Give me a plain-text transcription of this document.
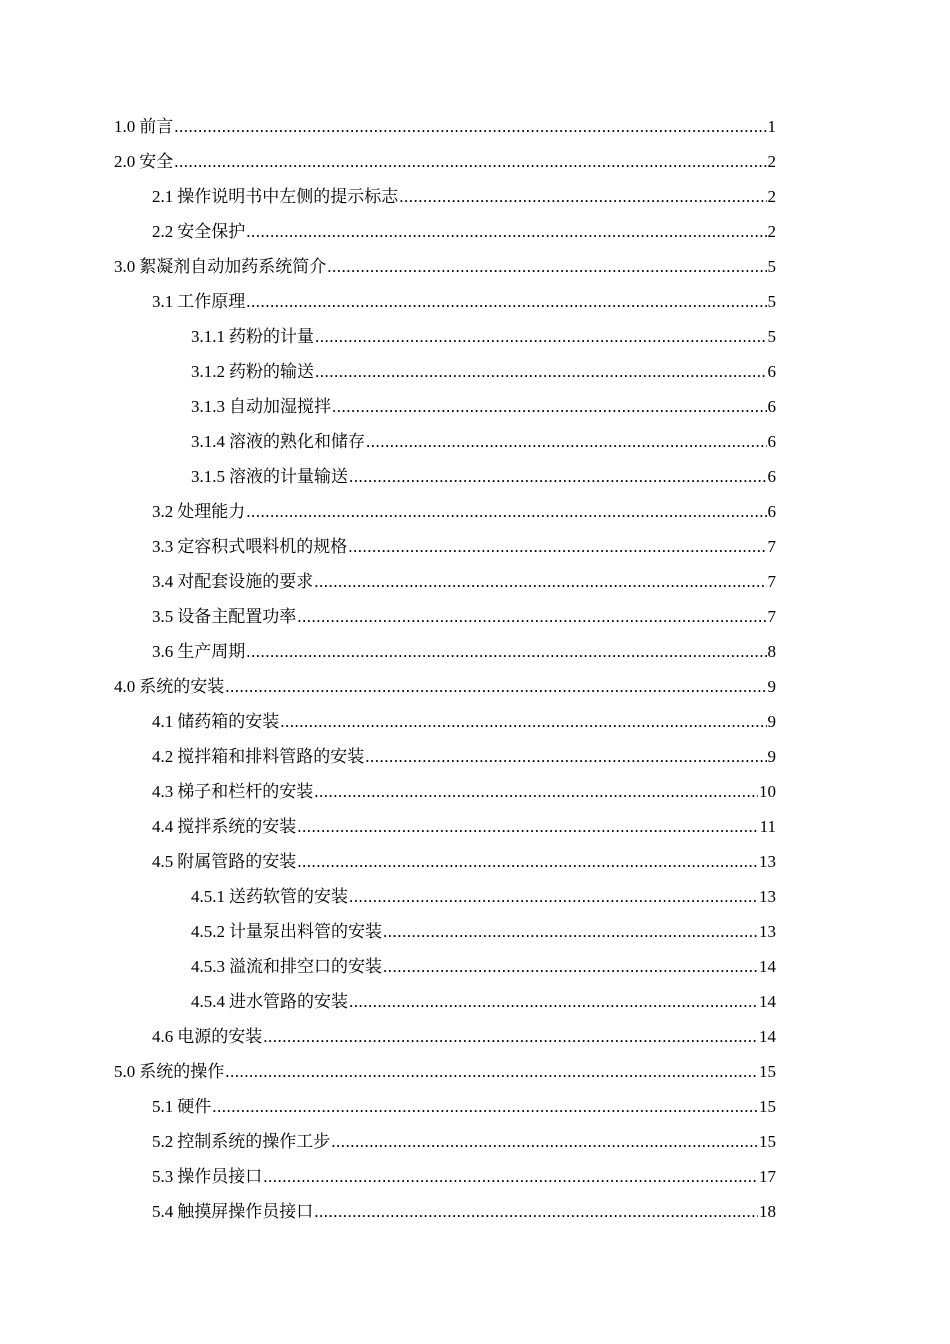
1.0 前言 .....	1
2.0 安全 .....	2
2.1 操作说明书中左侧的提示标志 .....	2
2.2 安全保护 .....	2
3.0 絮凝剂自动加药系统简介 .....	5
3.1 工作原理 .....	5
3.1.1 药粉的计量 .....	5
3.1.2 药粉的输送 .....	6
3.1.3 自动加湿搅拌 .....	6
3.1.4 溶液的熟化和储存 .....	6
3.1.5 溶液的计量输送 .....	6
3.2 处理能力 .....	6
3.3 定容积式喂料机的规格 .....	7
3.4 对配套设施的要求 .....	7
3.5 设备主配置功率 .....	7
3.6 生产周期 .....	8
4.0 系统的安装 .....	9
4.1 储药箱的安装 .....	9
4.2 搅拌箱和排料管路的安装 .....	9
4.3 梯子和栏杆的安装 .....	10
4.4 搅拌系统的安装 .....	11
4.5 附属管路的安装 .....	13
4.5.1 送药软管的安装 .....	13
4.5.2 计量泵出料管的安装 .....	13
4.5.3 溢流和排空口的安装 .....	14
4.5.4 进水管路的安装 .....	14
4.6 电源的安装 .....	14
5.0 系统的操作 .....	15
5.1 硬件 .....	15
5.2 控制系统的操作工步 .....	15
5.3 操作员接口 .....	17
5.4 触摸屏操作员接口 .....	18
